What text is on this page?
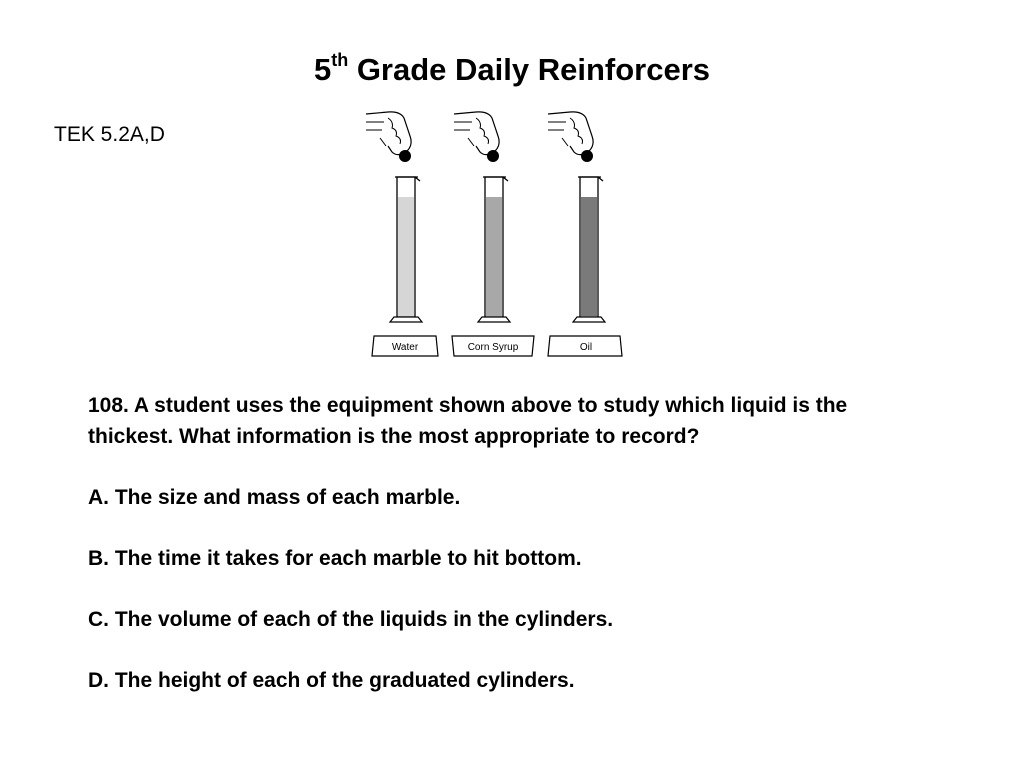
5th Grade Daily Reinforcers
TEK 5.2A,D
Water	Corn Syrup	Oil

108. A student uses the equipment shown above to study which liquid is the thickest. What information is the most appropriate to record?

A. The size and mass of each marble.

B. The time it takes for each marble to hit bottom.

C. The volume of each of the liquids in the cylinders.

D. The height of each of the graduated cylinders.
